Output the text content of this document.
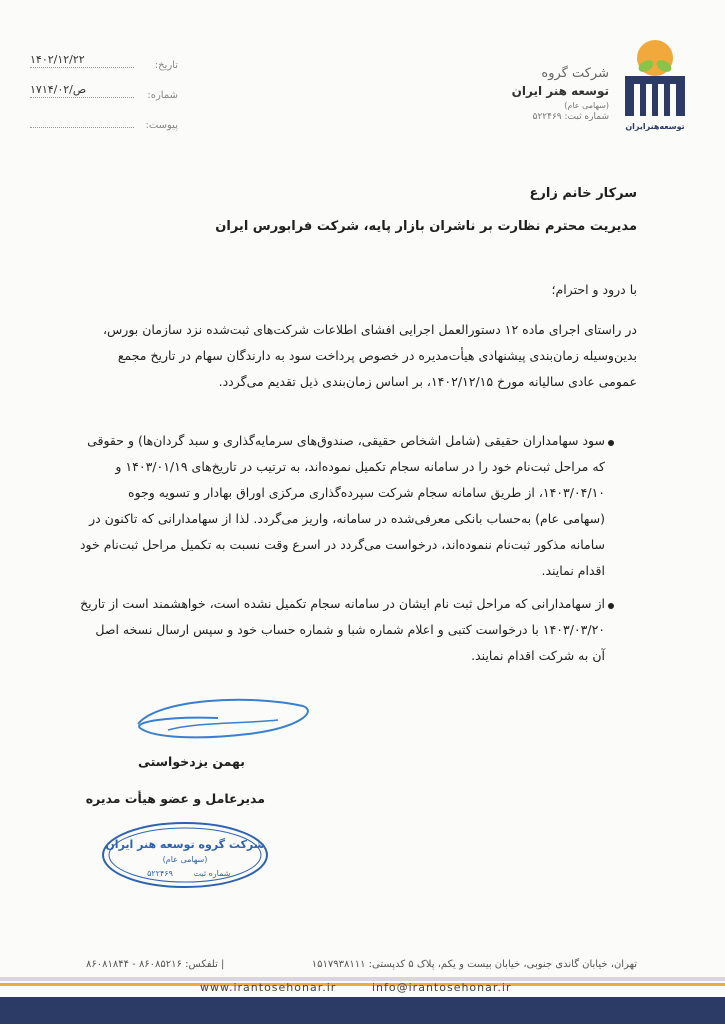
توسعه‌هنرایران
شرکت گروه
توسعه هنر ایران
(سهامی عام)
شماره ثبت: ۵۲۲۴۶۹
تاریخ:
۱۴۰۲/۱۲/۲۲
شماره:
۱۷۱۴/ص/۰۲
پیوست:
سرکار خانم زارع
مدیریت محترم نظارت بر ناشران بازار پایه، شرکت فرابورس ایران
با درود و احترام؛
در راستای اجرای ماده ۱۲ دستورالعمل اجرایی افشای اطلاعات شرکت‌های ثبت‌شده نزد سازمان بورس،
بدین‌وسیله زمان‌بندی پیشنهادی هیأت‌مدیره در خصوص پرداخت سود به دارندگان سهام در تاریخ مجمع
عمومی عادی سالیانه مورخ ۱۴۰۲/۱۲/۱۵، بر اساس زمان‌بندی ذیل تقدیم می‌گردد.
سود سهامداران حقیقی (شامل اشخاص حقیقی، صندوق‌های سرمایه‌گذاری و سبد گردان‌ها) و حقوقی
که مراحل ثبت‌نام خود را در سامانه سجام تکمیل نموده‌اند، به ترتیب در تاریخ‌های ۱۴۰۳/۰۱/۱۹ و
۱۴۰۳/۰۴/۱۰، از طریق سامانه سجام شرکت سپرده‌گذاری مرکزی اوراق بهادار و تسویه وجوه
(سهامی عام) به‌حساب بانکی معرفی‌شده در سامانه، واریز می‌گردد. لذا از سهامدارانی که تاکنون در
سامانه مذکور ثبت‌نام ننموده‌اند، درخواست می‌گردد در اسرع وقت نسبت به تکمیل مراحل ثبت‌نام خود
اقدام نمایند.
از سهامدارانی که مراحل ثبت نام ایشان در سامانه سجام تکمیل نشده است، خواهشمند است از تاریخ
۱۴۰۳/۰۳/۲۰ با درخواست کتبی و اعلام شماره شبا و شماره حساب خود و سپس ارسال نسخه اصل
آن به شرکت اقدام نمایند.
بهمن یزدخواستی
مدیرعامل و عضو هیأت مدیره
شرکت گروه توسعه هنر ایران
(سهامی عام)
شماره ثبت
۵۲۲۴۶۹
تهران، خیابان گاندی جنوبی، خیابان بیست و یکم، پلاک ۵ کدپستی: ۱۵۱۷۹۳۸۱۱۱
| تلفکس: ۸۶۰۸۵۲۱۶ - ۸۶۰۸۱۸۴۴
www.irantosehonar.ir	info@irantosehonar.ir
